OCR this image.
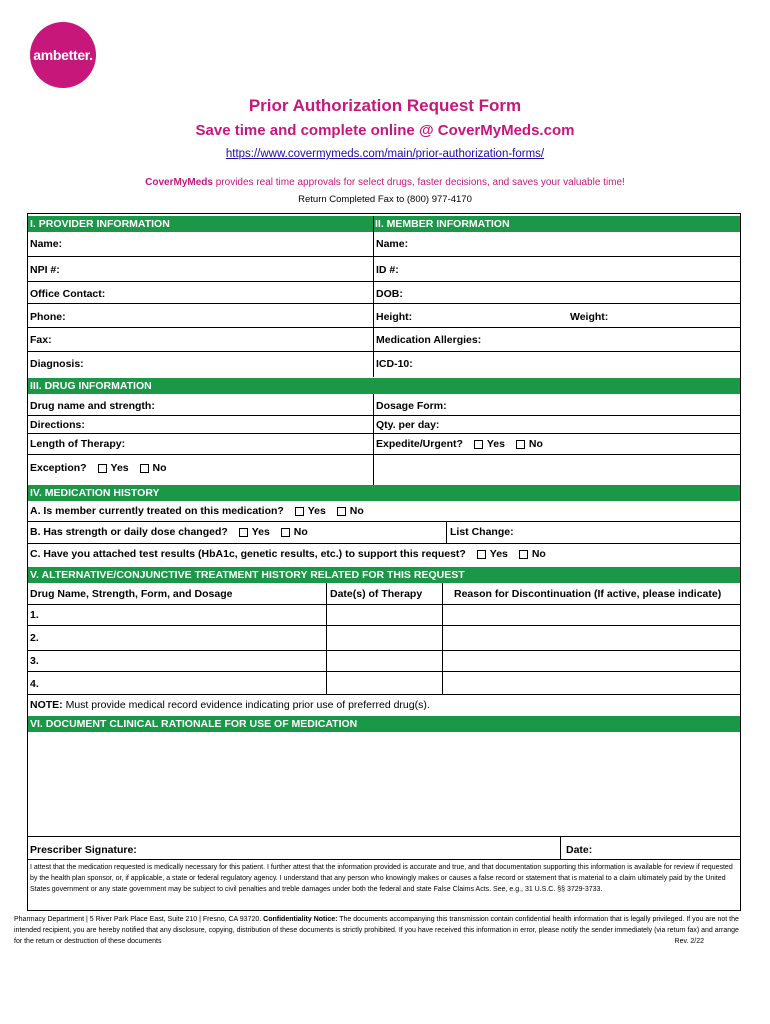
ambetter.
Prior Authorization Request Form
Save time and complete online @ CoverMyMeds.com
https://www.covermymeds.com/main/prior-authorization-forms/
CoverMyMeds provides real time approvals for select drugs, faster decisions, and saves your valuable time!
Return Completed Fax to (800) 977-4170
I. PROVIDER INFORMATION	II. MEMBER INFORMATION
Name:	Name:
NPI #:	ID #:
Office Contact:	DOB:
Phone:	Height:	Weight:
Fax:	Medication Allergies:
Diagnosis:	ICD-10:
III. DRUG INFORMATION
Drug name and strength:	Dosage Form:
Directions:	Qty. per day:
Length of Therapy:	Expedite/Urgent? Yes No
Exception? Yes No
IV. MEDICATION HISTORY
A. Is member currently treated on this medication? Yes No
B. Has strength or daily dose changed? Yes No	List Change:
C. Have you attached test results (HbA1c, genetic results, etc.) to support this request? Yes No
V. ALTERNATIVE/CONJUNCTIVE TREATMENT HISTORY RELATED FOR THIS REQUEST
Drug Name, Strength, Form, and Dosage	Date(s) of Therapy	Reason for Discontinuation (If active, please indicate)
1.
2.
3.
4.
NOTE: Must provide medical record evidence indicating prior use of preferred drug(s).
VI. DOCUMENT CLINICAL RATIONALE FOR USE OF MEDICATION
Prescriber Signature:	Date:
I attest that the medication requested is medically necessary for this patient. I further attest that the information provided is accurate and true, and that documentation supporting this information is available for review if requested by the health plan sponsor, or, if applicable, a state or federal regulatory agency. I understand that any person who knowingly makes or causes a false record or statement that is material to a claim ultimately paid by the United States government or any state government may be subject to civil penalties and treble damages under both the federal and state False Claims Acts. See, e.g., 31 U.S.C. §§ 3729-3733.
Pharmacy Department | 5 River Park Place East, Suite 210 | Fresno, CA 93720. Confidentiality Notice: The documents accompanying this transmission contain confidential health information that is legally privileged. If you are not the intended recipient, you are hereby notified that any disclosure, copying, distribution of these documents is strictly prohibited. If you have received this information in error, please notify the sender immediately (via return fax) and arrange for the return or destruction of these documents	Rev. 2/22
